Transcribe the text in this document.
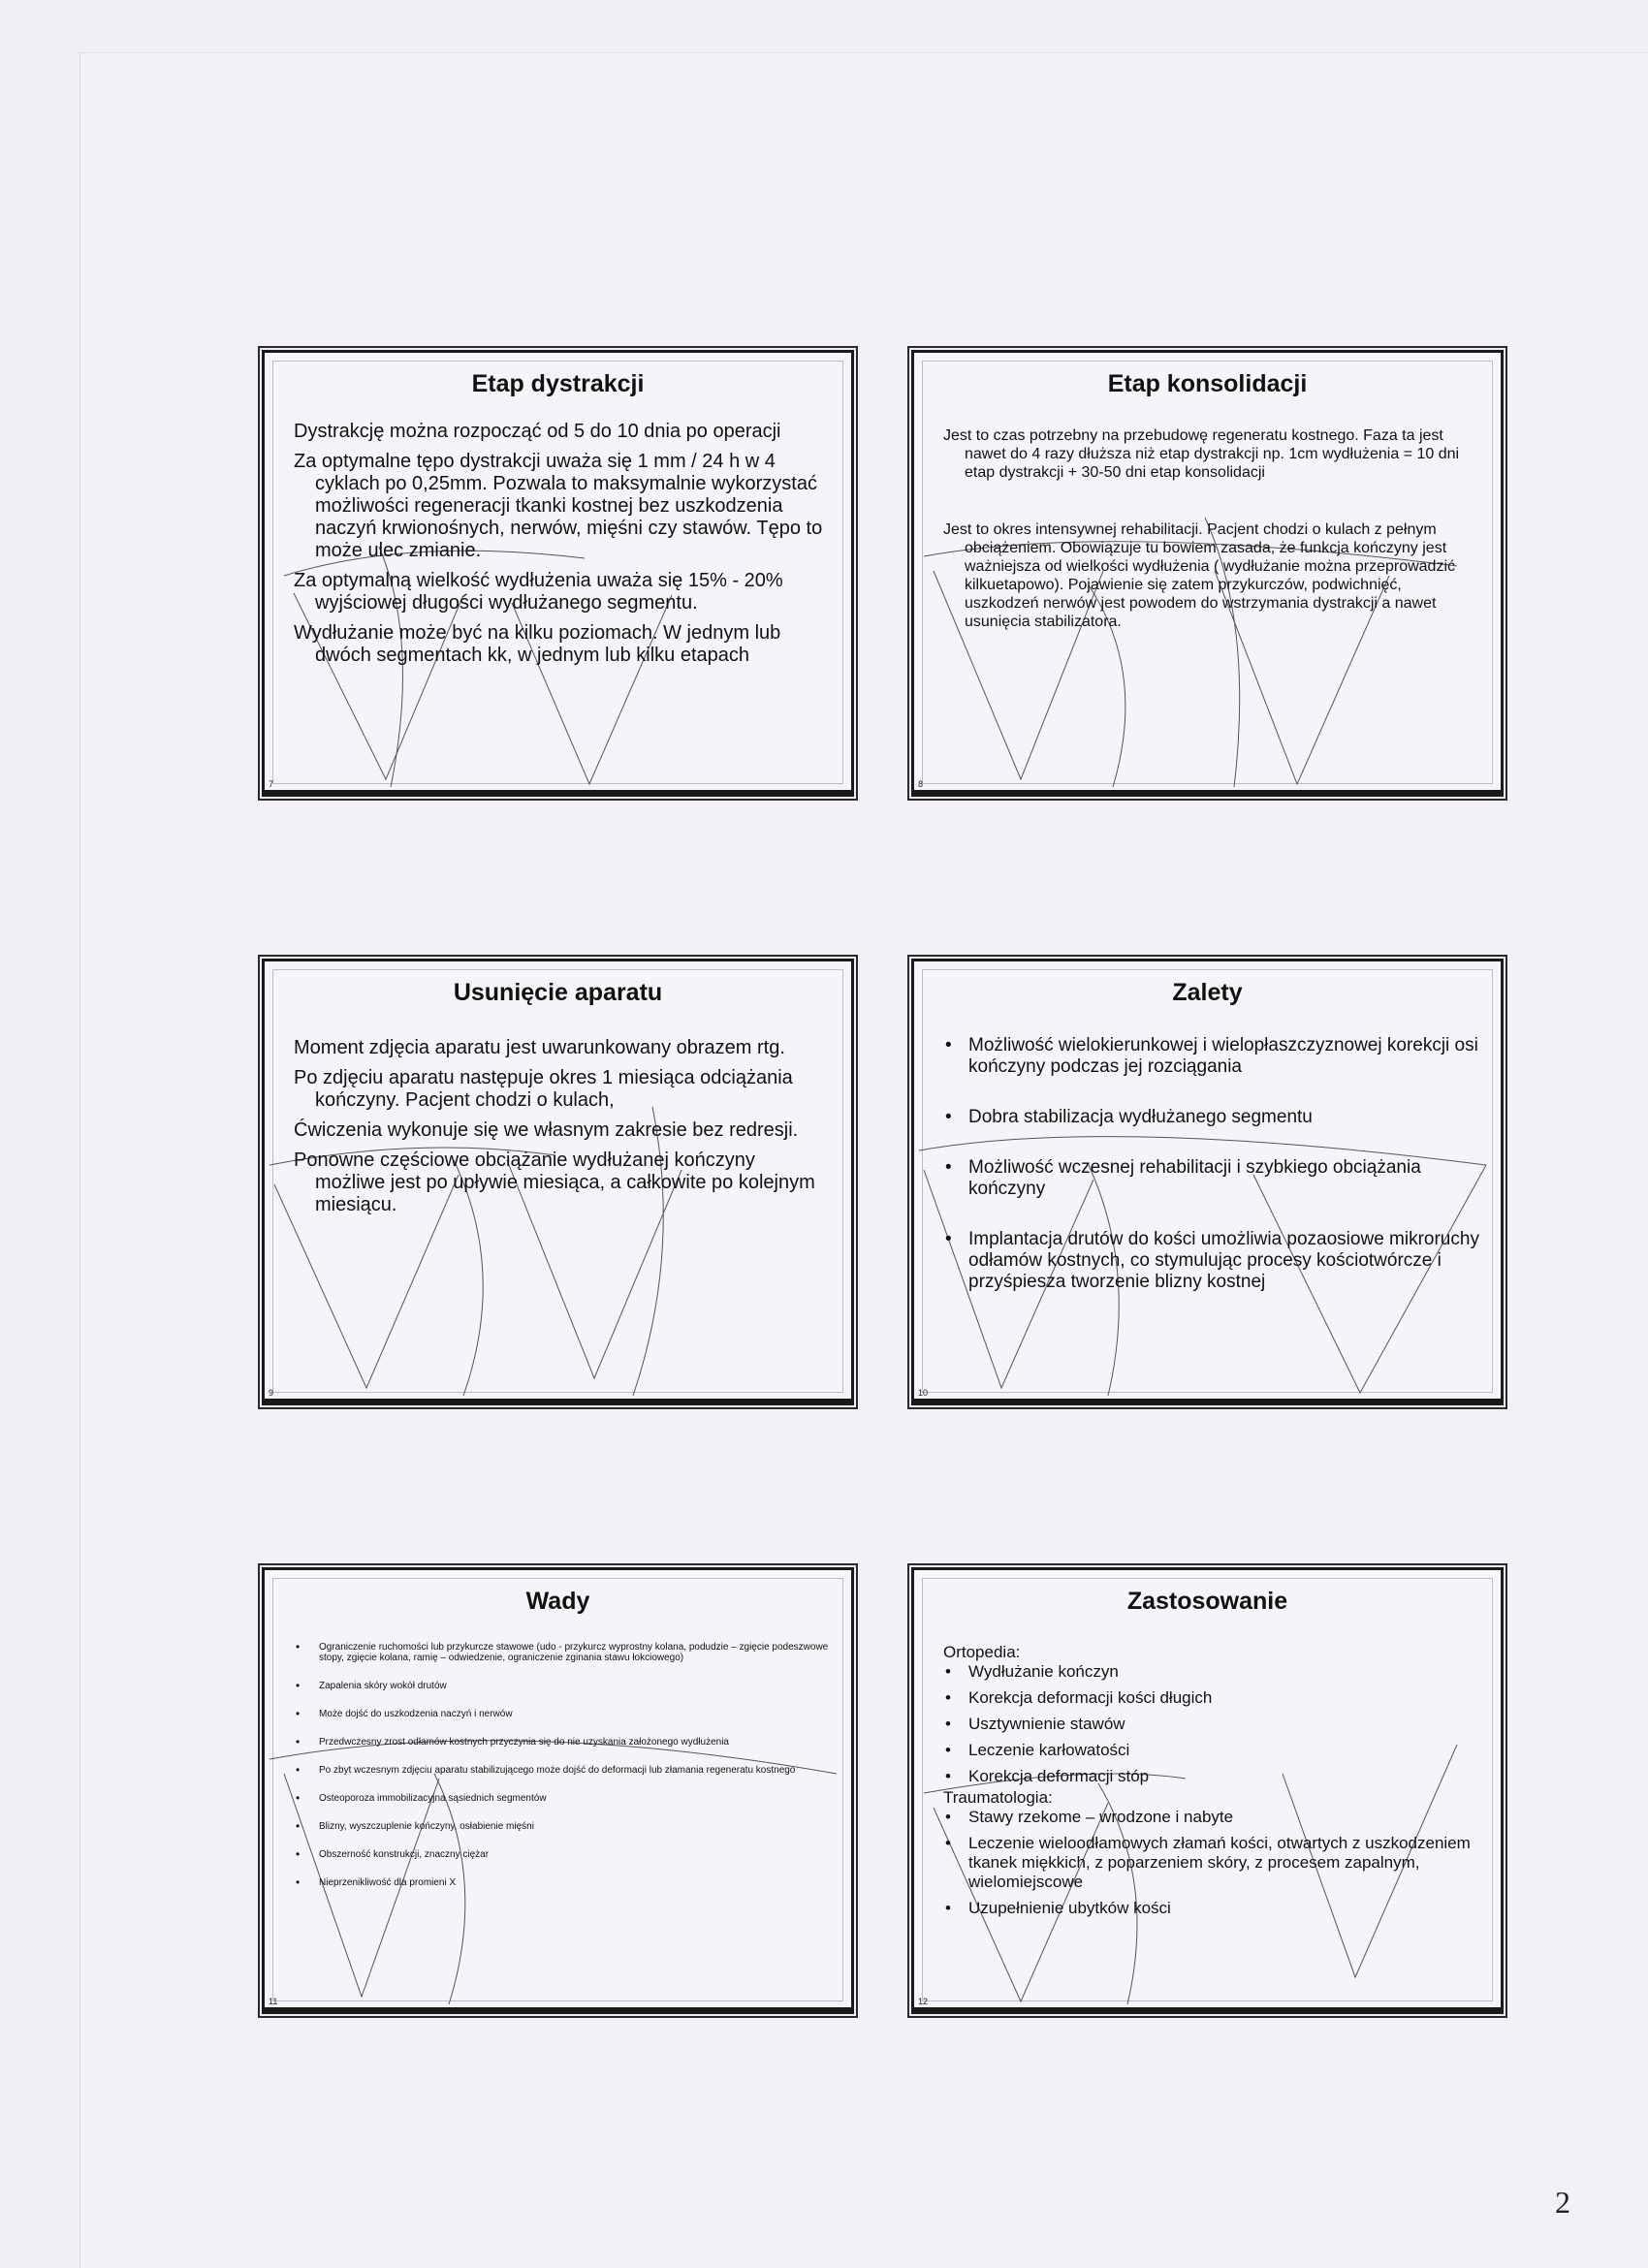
Etap dystrakcji

Dystrakcję można rozpocząć od 5 do 10 dnia po operacji

Za optymalne tępo dystrakcji uważa się 1 mm / 24 h w 4 cyklach po 0,25mm. Pozwala to maksymalnie wykorzystać możliwości regeneracji tkanki kostnej bez uszkodzenia naczyń krwionośnych, nerwów, mięśni czy stawów. Tępo to może ulec zmianie.

Za optymalną wielkość wydłużenia uważa się 15% - 20% wyjściowej długości wydłużanego segmentu.

Wydłużanie może być na kilku poziomach. W jednym lub dwóch segmentach kk, w jednym lub kilku etapach

7
Etap konsolidacji

Jest to czas potrzebny na przebudowę regeneratu kostnego. Faza ta jest nawet do 4 razy dłuższa niż etap dystrakcji np. 1cm wydłużenia = 10 dni etap dystrakcji + 30-50 dni etap konsolidacji

Jest to okres intensywnej rehabilitacji. Pacjent chodzi o kulach z pełnym obciążeniem. Obowiązuje tu bowiem zasada, że funkcja kończyny jest ważniejsza od wielkości wydłużenia ( wydłużanie można przeprowadzić kilkuetapowo). Pojawienie się zatem przykurczów, podwichnięć, uszkodzeń nerwów jest powodem do wstrzymania dystrakcji a nawet usunięcia stabilizatora.

8
Usunięcie aparatu

Moment zdjęcia aparatu jest uwarunkowany obrazem rtg.

Po zdjęciu aparatu następuje okres 1 miesiąca odciążania kończyny. Pacjent chodzi o kulach,

Ćwiczenia wykonuje się we własnym zakresie bez redresji.

Ponowne częściowe obciążanie wydłużanej kończyny możliwe jest po upływie miesiąca, a całkowite po kolejnym miesiącu.

9
Zalety
• Możliwość wielokierunkowej i wielopłaszczyznowej korekcji osi kończyny podczas jej rozciągania
• Dobra stabilizacja wydłużanego segmentu
• Możliwość wczesnej rehabilitacji i szybkiego obciążania kończyny
• Implantacja drutów do kości umożliwia pozaosiowe mikroruchy odłamów kostnych, co stymulując procesy kościotwórcze i przyśpiesza tworzenie blizny kostnej
10
Wady
• Ograniczenie ruchomości lub przykurcze stawowe (udo - przykurcz wyprostny kolana, podudzie – zgięcie podeszwowe stopy, zgięcie kolana, ramię – odwiedzenie, ograniczenie zginania stawu łokciowego)
• Zapalenia skóry wokół drutów
• Może dojść do uszkodzenia naczyń i nerwów
• Przedwczesny zrost odłamów kostnych przyczynia się do nie uzyskania założonego wydłużenia
• Po zbyt wczesnym zdjęciu aparatu stabilizującego może dojść do deformacji lub złamania regeneratu kostnego
• Osteoporoza immobilizacyjna sąsiednich segmentów
• Blizny, wyszczuplenie kończyny, osłabienie mięśni
• Obszerność konstrukcji, znaczny ciężar
• Nieprzenikliwość dla promieni X
11
Zastosowanie
Ortopedia:
• Wydłużanie kończyn
• Korekcja deformacji kości długich
• Usztywnienie stawów
• Leczenie karłowatości
• Korekcja deformacji stóp
Traumatologia:
• Stawy rzekome – wrodzone i nabyte
• Leczenie wieloodłamowych złamań kości, otwartych z uszkodzeniem tkanek miękkich, z poparzeniem skóry, z procesem zapalnym, wielomiejscowe
• Uzupełnienie ubytków kości
12
2
